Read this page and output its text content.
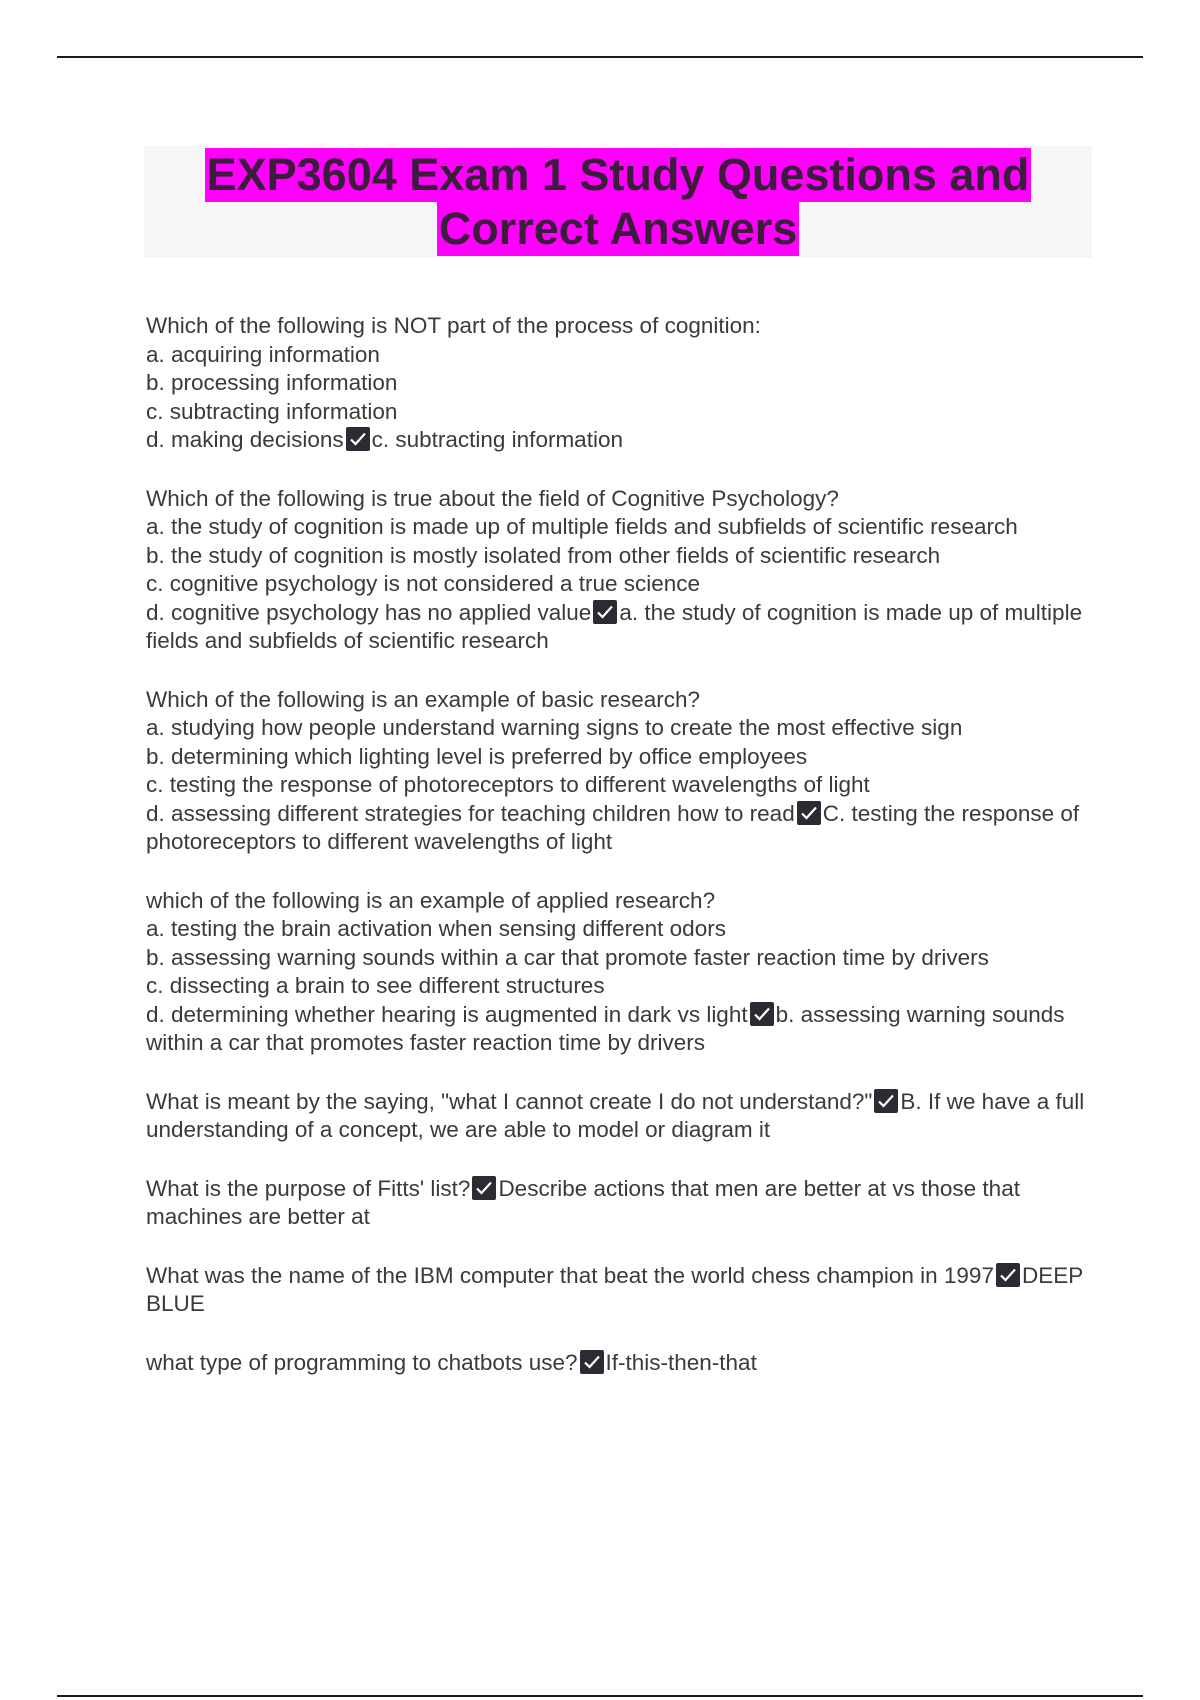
EXP3604 Exam 1 Study Questions and
Correct Answers
Which of the following is NOT part of the process of cognition:
a. acquiring information
b. processing information
c. subtracting information
d. making decisions c. subtracting information
Which of the following is true about the field of Cognitive Psychology?
a. the study of cognition is made up of multiple fields and subfields of scientific research
b. the study of cognition is mostly isolated from other fields of scientific research
c. cognitive psychology is not considered a true science
d. cognitive psychology has no applied value a. the study of cognition is made up of multiple fields and subfields of scientific research
Which of the following is an example of basic research?
a. studying how people understand warning signs to create the most effective sign
b. determining which lighting level is preferred by office employees
c. testing the response of photoreceptors to different wavelengths of light
d. assessing different strategies for teaching children how to read C. testing the response of photoreceptors to different wavelengths of light
which of the following is an example of applied research?
a. testing the brain activation when sensing different odors
b. assessing warning sounds within a car that promote faster reaction time by drivers
c. dissecting a brain to see different structures
d. determining whether hearing is augmented in dark vs light b. assessing warning sounds within a car that promotes faster reaction time by drivers
What is meant by the saying, "what I cannot create I do not understand?" B. If we have a full understanding of a concept, we are able to model or diagram it
What is the purpose of Fitts' list? Describe actions that men are better at vs those that machines are better at
What was the name of the IBM computer that beat the world chess champion in 1997 DEEP BLUE
what type of programming to chatbots use? If-this-then-that
